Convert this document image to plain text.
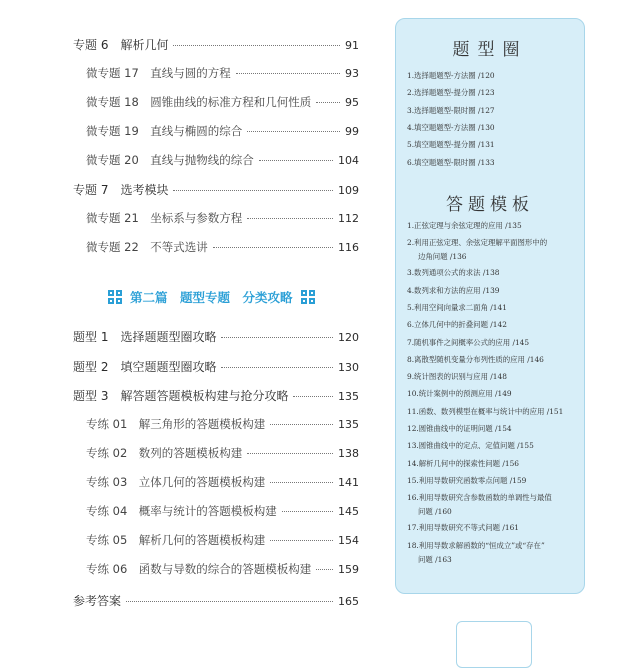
专题 6　解析几何	91
微专题 17　直线与圆的方程	93
微专题 18　圆锥曲线的标准方程和几何性质	95
微专题 19　直线与椭圆的综合	99
微专题 20　直线与抛物线的综合	104
专题 7　选考模块	109
微专题 21　坐标系与参数方程	112
微专题 22　不等式选讲	116
第二篇　题型专题　分类攻略
题型 1　选择题题型圈攻略	120
题型 2　填空题题型圈攻略	130
题型 3　解答题答题模板构建与抢分攻略	135
专练 01　解三角形的答题模板构建	135
专练 02　数列的答题模板构建	138
专练 03　立体几何的答题模板构建	141
专练 04　概率与统计的答题模板构建	145
专练 05　解析几何的答题模板构建	154
专练 06　函数与导数的综合的答题模板构建 159
参考答案	165
题型圈
1.选择题题型-方法圈 /120
2.选择题题型-提分圈 /123
3.选择题题型-限时圈 /127
4.填空题题型-方法圈 /130
5.填空题题型-提分圈 /131
6.填空题题型-限时圈 /133
答题模板
1.正弦定理与余弦定理的应用 /135
2.利用正弦定理、余弦定理解平面图形中的
边角问题 /136
3.数列通项公式的求法 /138
4.数列求和方法的应用 /139
5.利用空间向量求二面角 /141
6.立体几何中的折叠问题 /142
7.随机事件之间概率公式的应用 /145
8.离散型随机变量分布列性质的应用 /146
9.统计图表的识别与应用 /148
10.统计案例中的预测应用 /149
11.函数、数列模型在概率与统计中的应用 /151
12.圆锥曲线中的证明问题 /154
13.圆锥曲线中的定点、定值问题 /155
14.解析几何中的探索性问题 /156
15.利用导数研究函数零点问题 /159
16.利用导数研究含参数函数的单调性与最值
问题 /160
17.利用导数研究不等式问题 /161
18.利用导数求解函数的“恒成立”或“存在”
问题 /163
